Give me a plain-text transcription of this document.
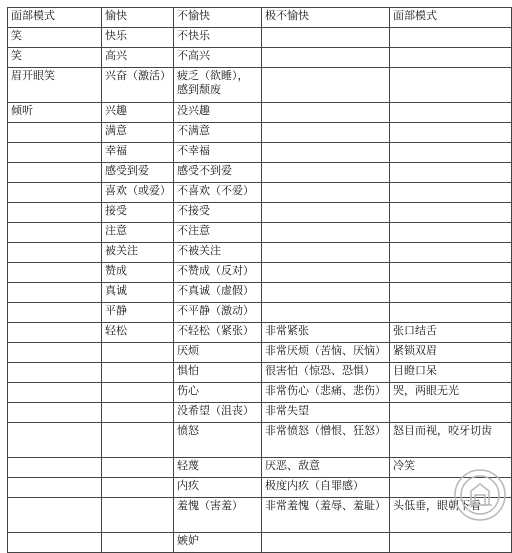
面部模式	愉快	不愉快	极不愉快	面部模式
笑	快乐	不快乐		
笑	高兴	不高兴		
眉开眼笑	兴奋（激活）	疲乏（欲睡），感到颓废		
倾听	兴趣	没兴趣		
	满意	不满意		
	幸福	不幸福		
	感受到爱	感受不到爱		
	喜欢（或爱）	不喜欢（不爱）		
	接受	不接受		
	注意	不注意		
	被关注	不被关注		
	赞成	不赞成（反对）		
	真诚	不真诚（虚假）		
	平静	不平静（激动）		
	轻松	不轻松（紧张）	非常紧张	张口结舌
		厌烦	非常厌烦（苦恼、厌恼）	紧锁双眉
		惧怕	很害怕（惊恐、恐惧）	目瞪口呆
		伤心	非常伤心（悲痛、悲伤）	哭，两眼无光
		没希望（沮丧）	非常失望	
		愤怒	非常愤怒（憎恨、狂怒）	怒目而视，咬牙切齿
		轻蔑	厌恶、敌意	冷笑
		内疚	极度内疚（自罪感）	
		羞愧（害羞）	非常羞愧（羞辱、羞耻）	头低垂，眼朝下看
		嫉妒		
